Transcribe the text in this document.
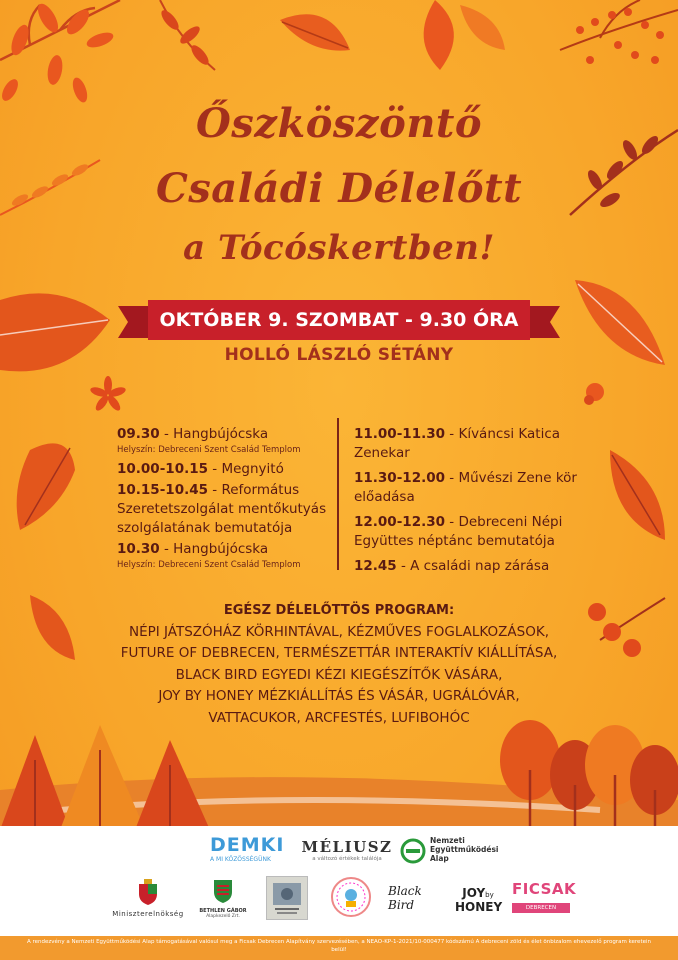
Őszköszöntő
Családi Délelőtt
a Tócóskertben!
OKTÓBER 9. SZOMBAT - 9.30 ÓRA
HOLLÓ LÁSZLÓ SÉTÁNY
09.30 - Hangbújócska
Helyszín: Debreceni Szent Család Templom
10.00-10.15 - Megnyitó
10.15-10.45 - Református Szeretetszolgálat mentőkutyás szolgálatának bemutatója
10.30 - Hangbújócska
Helyszín: Debreceni Szent Család Templom
11.00-11.30 - Kíváncsi Katica Zenekar
11.30-12.00 - Művészi Zene kör előadása
12.00-12.30 - Debreceni Népi Együttes néptánc bemutatója
12.45 - A családi nap zárása
EGÉSZ DÉLELŐTTÖS PROGRAM:
NÉPI JÁTSZÓHÁZ KÖRHINTÁVAL, KÉZMŰVES FOGLALKOZÁSOK,
FUTURE OF DEBRECEN, TERMÉSZETTÁR INTERAKTÍV KIÁLLÍTÁSA,
BLACK BIRD EGYEDI KÉZI KIEGÉSZÍTŐK VÁSÁRA,
JOY BY HONEY MÉZKIÁLLÍTÁS ÉS VÁSÁR, UGRÁLÓVÁR,
VATTACUKOR, ARCFESTÉS, LUFIBOHÓC
DEMKI
A MI KÖZÖSSÉGÜNK
MÉLIUSZ
a változó értékek találója
Nemzeti
Együttműködési
Alap
Miniszterelnökség	BETHLEN GÁBOR
Alapkezelő Zrt.
Black Bird
JOYby
HONEY
FICSAK
DEBRECEN
A rendezvény a Nemzeti Együttműködési Alap támogatásával valósul meg a Ficsak Debrecen Alapítvány szervezésében, a NEAO-KP-1-2021/10-000477 kódszámú A debreceni zöld és élet önbizalom ehevezelő program keretein belül!
